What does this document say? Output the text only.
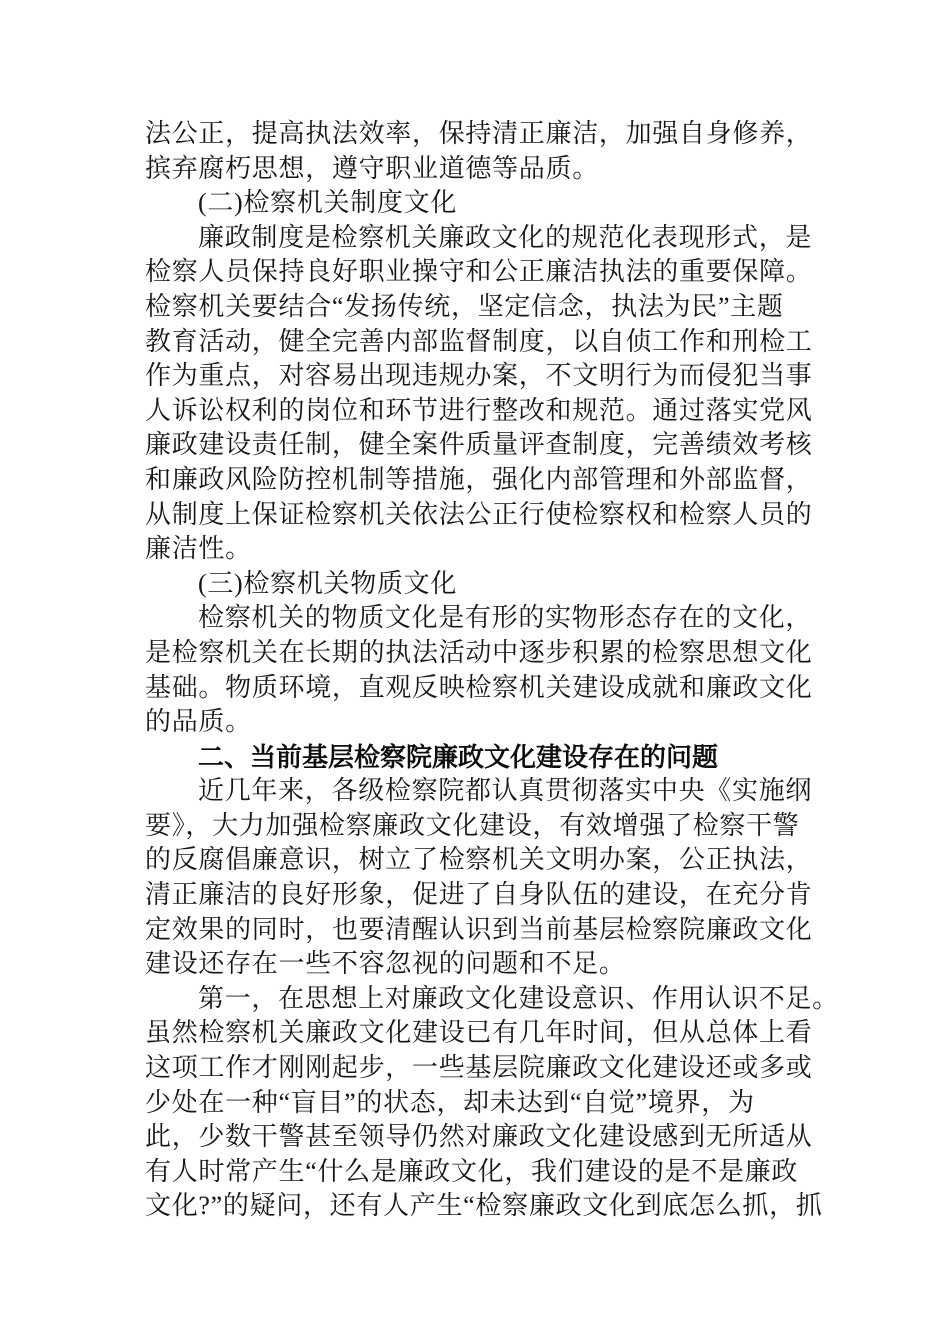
法公正，提高执法效率，保持清正廉洁，加强自身修养，
摈弃腐朽思想，遵守职业道德等品质。
(二)检察机关制度文化
廉政制度是检察机关廉政文化的规范化表现形式，是
检察人员保持良好职业操守和公正廉洁执法的重要保障。
检察机关要结合“发扬传统，坚定信念，执法为民”主题
教育活动，健全完善内部监督制度，以自侦工作和刑检工
作为重点，对容易出现违规办案，不文明行为而侵犯当事
人诉讼权利的岗位和环节进行整改和规范。通过落实党风
廉政建设责任制，健全案件质量评查制度，完善绩效考核
和廉政风险防控机制等措施，强化内部管理和外部监督，
从制度上保证检察机关依法公正行使检察权和检察人员的
廉洁性。
(三)检察机关物质文化
检察机关的物质文化是有形的实物形态存在的文化，
是检察机关在长期的执法活动中逐步积累的检察思想文化
基础。物质环境，直观反映检察机关建设成就和廉政文化
的品质。
二、当前基层检察院廉政文化建设存在的问题
近几年来，各级检察院都认真贯彻落实中央《实施纲
要》，大力加强检察廉政文化建设，有效增强了检察干警
的反腐倡廉意识，树立了检察机关文明办案，公正执法，
清正廉洁的良好形象，促进了自身队伍的建设，在充分肯
定效果的同时，也要清醒认识到当前基层检察院廉政文化
建设还存在一些不容忽视的问题和不足。
第一，在思想上对廉政文化建设意识、作用认识不足。
虽然检察机关廉政文化建设已有几年时间，但从总体上看
这项工作才刚刚起步，一些基层院廉政文化建设还或多或
少处在一种“盲目”的状态，却未达到“自觉”境界，为
此，少数干警甚至领导仍然对廉政文化建设感到无所适从
有人时常产生“什么是廉政文化，我们建设的是不是廉政
文化?”的疑问，还有人产生“检察廉政文化到底怎么抓，抓
